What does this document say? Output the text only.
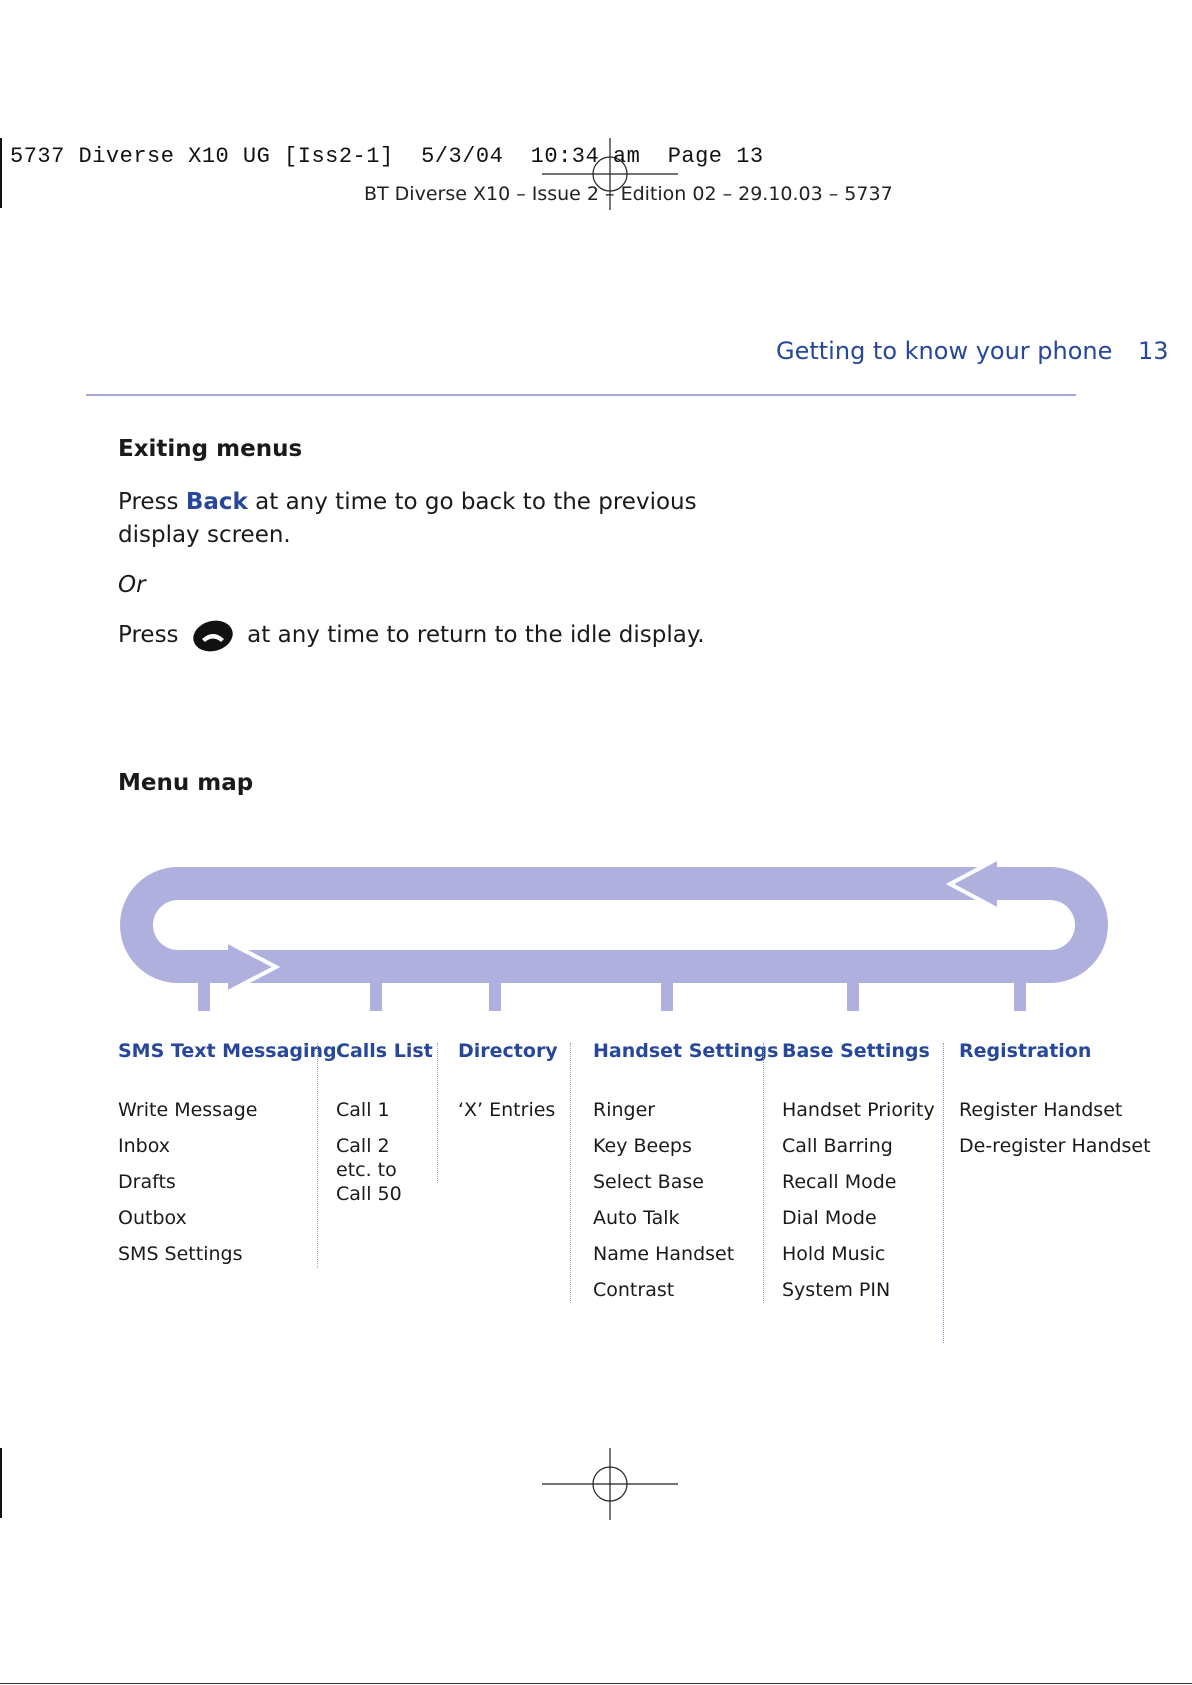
5737 Diverse X10 UG [Iss2-1]  5/3/04  10:34 am  Page 13
BT Diverse X10 – Issue 2 – Edition 02 – 29.10.03 – 5737
Getting to know your phone 13
Exiting menus
Press Back at any time to go back to the previous
display screen.
Or
Press	at any time to return to the idle display.
Menu map
SMS Text Messaging
Write Message
Inbox
Drafts
Outbox
SMS Settings
Calls List
Call 1
Call 2 etc. to Call 50
Directory
‘X’ Entries
Handset Settings
Ringer
Key Beeps
Select Base
Auto Talk
Name Handset
Contrast
Base Settings
Handset Priority
Call Barring
Recall Mode
Dial Mode
Hold Music
System PIN
Registration
Register Handset
De-register Handset
